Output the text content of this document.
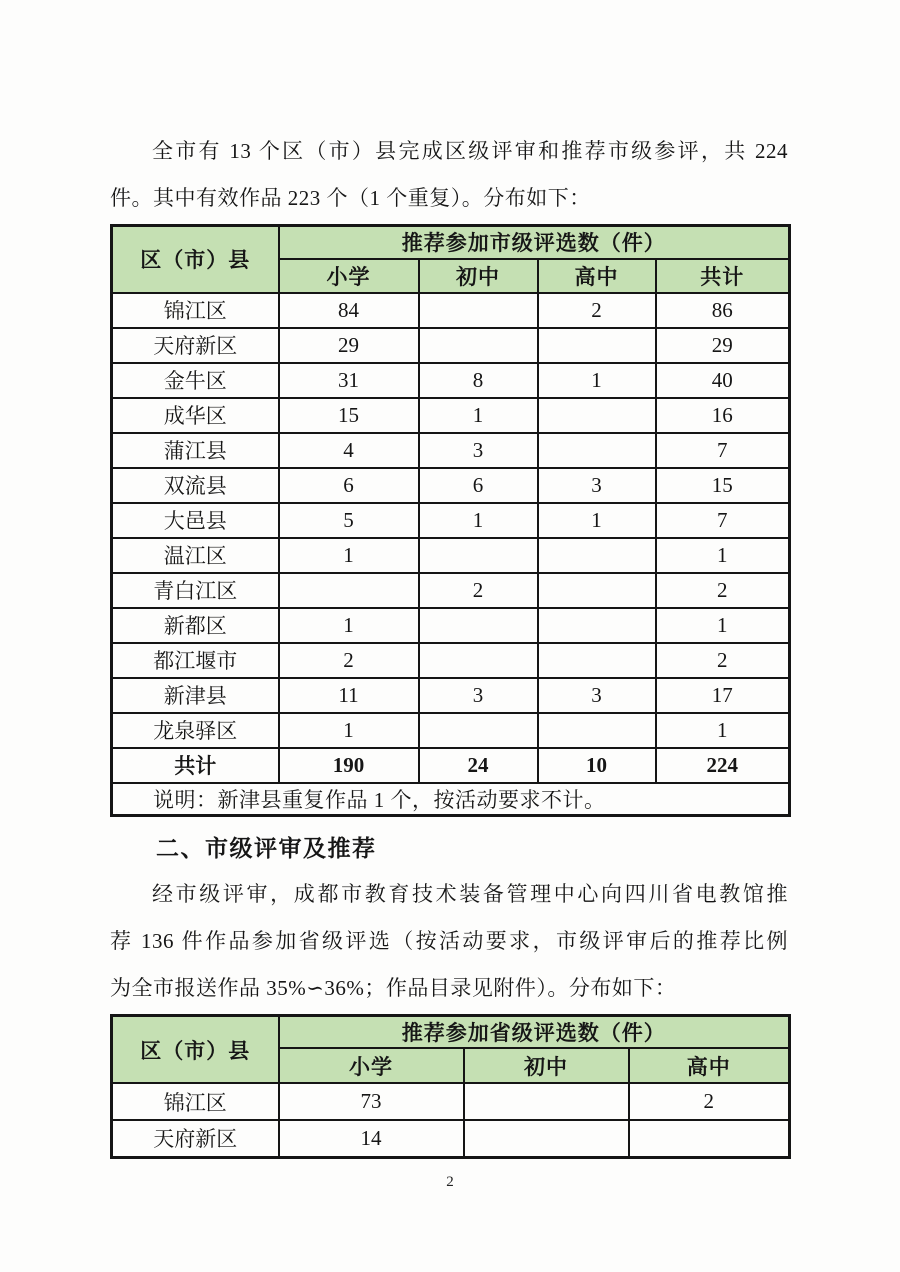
全市有 13 个区（市）县完成区级评审和推荐市级参评，共 224
件。其中有效作品 223 个（1 个重复）。分布如下：
区（市）县	推荐参加市级评选数（件）			
	小学	初中	高中	共计
锦江区	84		2	86
天府新区	29			29
金牛区	31	8	1	40
成华区	15	1		16
蒲江县	4	3		7
双流县	6	6	3	15
大邑县	5	1	1	7
温江区	1			1
青白江区		2		2
新都区	1			1
都江堰市	2			2
新津县	11	3	3	17
龙泉驿区	1			1
共计	190	24	10	224
说明：新津县重复作品 1 个，按活动要求不计。				
二、市级评审及推荐
经市级评审，成都市教育技术装备管理中心向四川省电教馆推
荐 136 件作品参加省级评选（按活动要求，市级评审后的推荐比例
为全市报送作品 35%∽36%；作品目录见附件）。分布如下：
区（市）县	推荐参加省级评选数（件）		
	小学	初中	高中
锦江区	73		2
天府新区	14		
2
